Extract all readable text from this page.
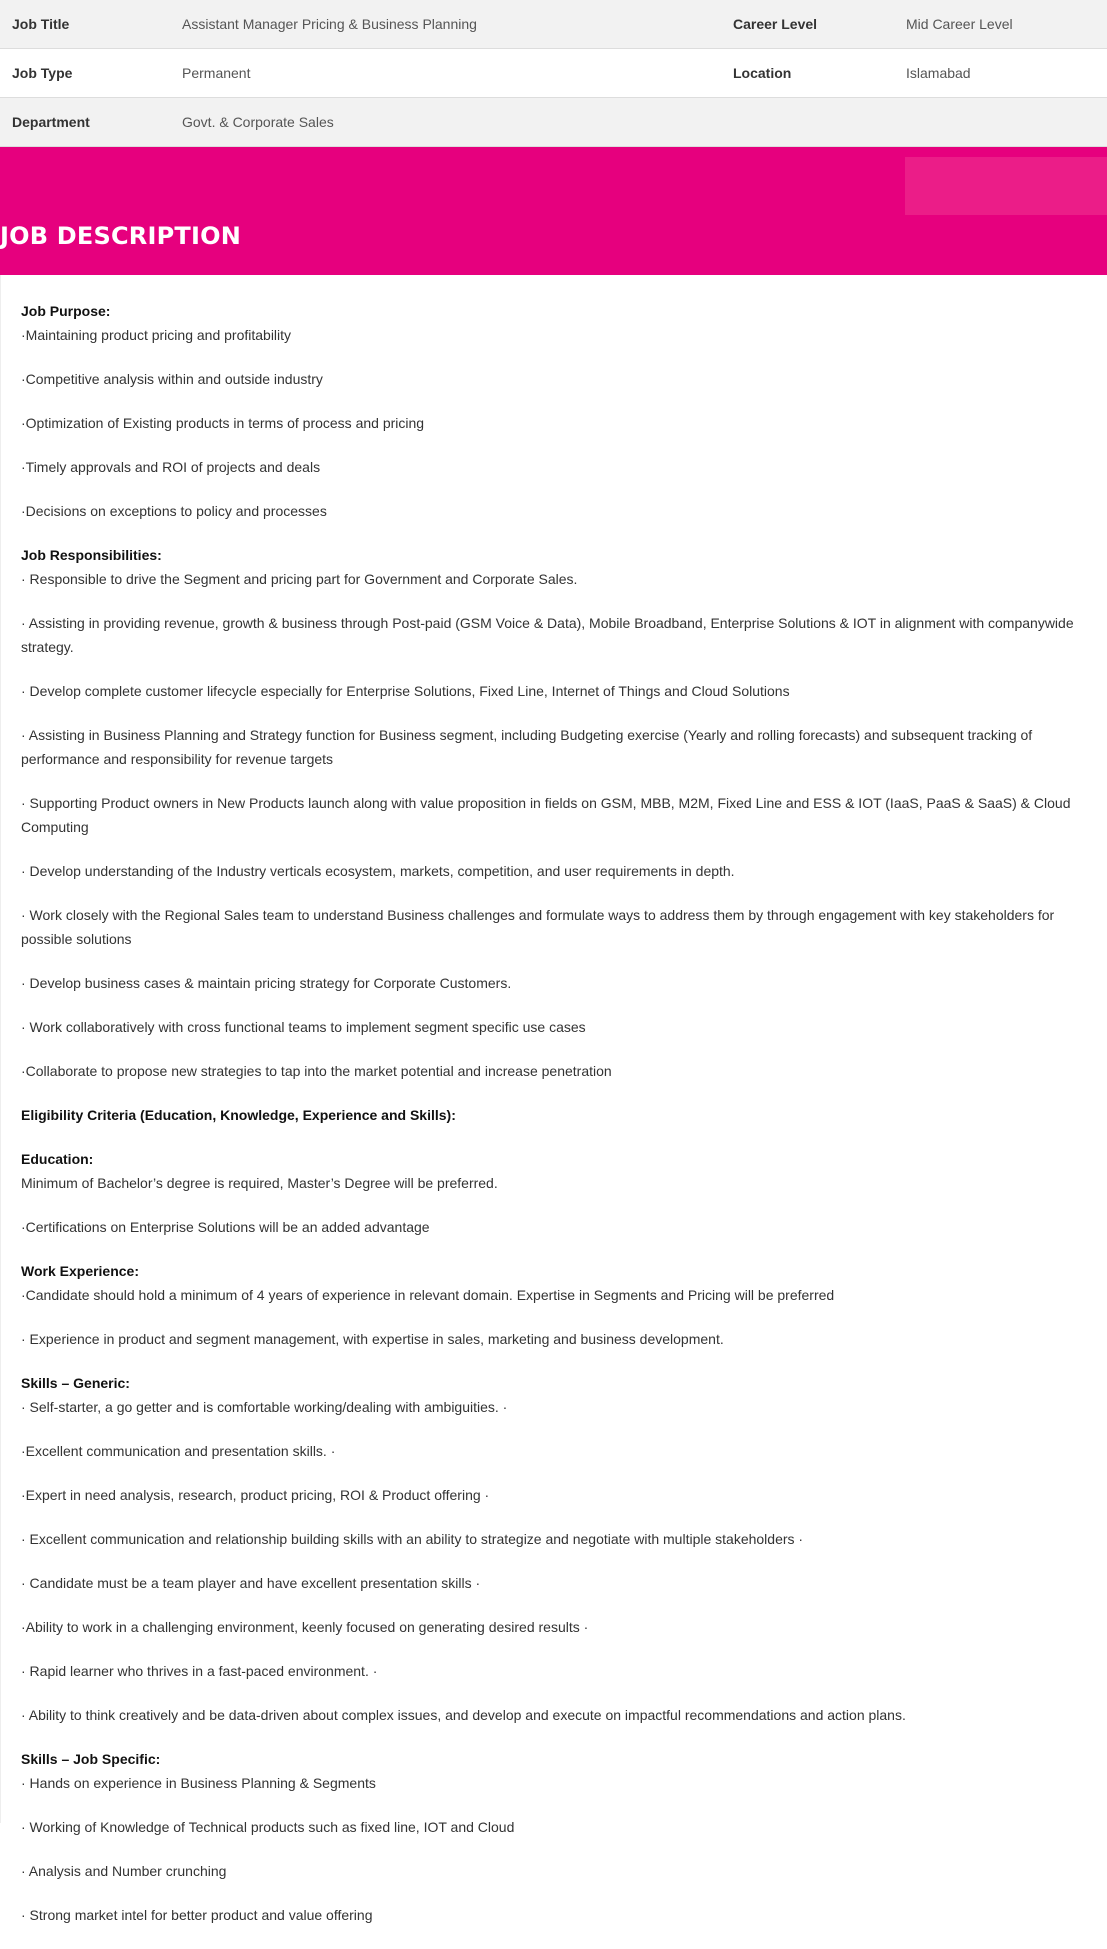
Job Title	Assistant Manager Pricing & Business Planning	Career Level	Mid Career Level
Job Type	Permanent	Location	Islamabad
Department	Govt. & Corporate Sales
JOB DESCRIPTION

Job Purpose:

·Maintaining product pricing and profitability

·Competitive analysis within and outside industry

·Optimization of Existing products in terms of process and pricing

·Timely approvals and ROI of projects and deals

·Decisions on exceptions to policy and processes

Job Responsibilities:

· Responsible to drive the Segment and pricing part for Government and Corporate Sales.

· Assisting in providing revenue, growth & business through Post-paid (GSM Voice & Data), Mobile Broadband, Enterprise Solutions & IOT in alignment with companywide strategy.

· Develop complete customer lifecycle especially for Enterprise Solutions, Fixed Line, Internet of Things and Cloud Solutions

· Assisting in Business Planning and Strategy function for Business segment, including Budgeting exercise (Yearly and rolling forecasts) and subsequent tracking of performance and responsibility for revenue targets

· Supporting Product owners in New Products launch along with value proposition in fields on GSM, MBB, M2M, Fixed Line and ESS & IOT (IaaS, PaaS & SaaS) & Cloud Computing

· Develop understanding of the Industry verticals ecosystem, markets, competition, and user requirements in depth.

· Work closely with the Regional Sales team to understand Business challenges and formulate ways to address them by through engagement with key stakeholders for possible solutions

· Develop business cases & maintain pricing strategy for Corporate Customers.

· Work collaboratively with cross functional teams to implement segment specific use cases

·Collaborate to propose new strategies to tap into the market potential and increase penetration

Eligibility Criteria (Education, Knowledge, Experience and Skills):

Education:

Minimum of Bachelor’s degree is required, Master’s Degree will be preferred.

·Certifications on Enterprise Solutions will be an added advantage

Work Experience:

·Candidate should hold a minimum of 4 years of experience in relevant domain. Expertise in Segments and Pricing will be preferred

· Experience in product and segment management, with expertise in sales, marketing and business development.

Skills – Generic:

· Self-starter, a go getter and is comfortable working/dealing with ambiguities. ·

·Excellent communication and presentation skills. ·

·Expert in need analysis, research, product pricing, ROI & Product offering ·

· Excellent communication and relationship building skills with an ability to strategize and negotiate with multiple stakeholders ·

· Candidate must be a team player and have excellent presentation skills ·

·Ability to work in a challenging environment, keenly focused on generating desired results ·

· Rapid learner who thrives in a fast-paced environment. ·

· Ability to think creatively and be data-driven about complex issues, and develop and execute on impactful recommendations and action plans.

Skills – Job Specific:

· Hands on experience in Business Planning & Segments

· Working of Knowledge of Technical products such as fixed line, IOT and Cloud

· Analysis and Number crunching

· Strong market intel for better product and value offering
